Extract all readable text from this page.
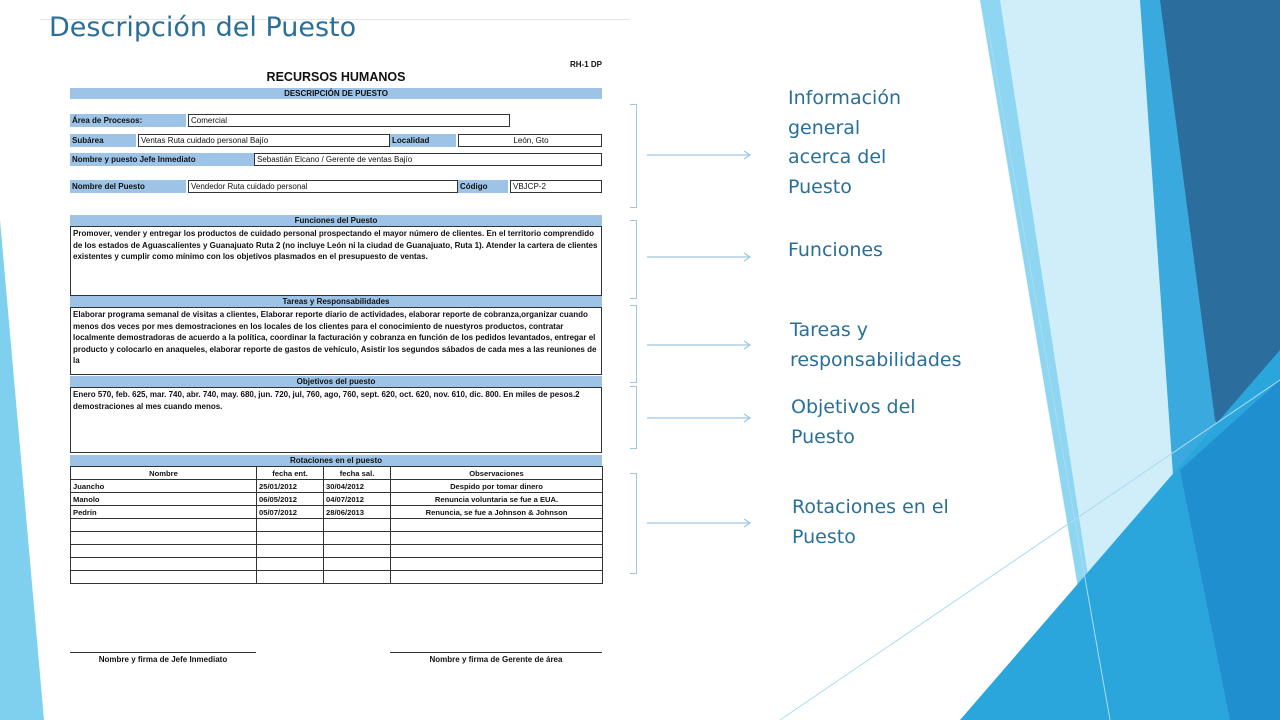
Descripción del Puesto
RH-1 DP
RECURSOS HUMANOS
DESCRIPCIÓN DE PUESTO
Área de Procesos:	Comercial
Subárea	Ventas Ruta cuidado personal Bajío	Localidad	León, Gto
Nombre y puesto Jefe Inmediato	Sebastián Elcano / Gerente de ventas Bajío
Nombre del Puesto	Vendedor Ruta cuidado personal	Código	VBJCP-2
Funciones del Puesto
Promover, vender y entregar los productos de cuidado personal prospectando el mayor número de clientes. En el territorio comprendido de los estados de Aguascalientes y Guanajuato Ruta 2 (no incluye León ni la ciudad de Guanajuato, Ruta 1). Atender la cartera de clientes existentes y cumplir como mínimo con los objetivos plasmados en el presupuesto de ventas.
Tareas y Responsabilidades
Elaborar programa semanal de visitas a clientes, Elaborar reporte diario de actividades, elaborar reporte de cobranza,organizar cuando menos dos veces por mes demostraciones en los locales de los clientes para el conocimiento de nuestyros productos, contratar localmente demostradoras de acuerdo a la política, coordinar la facturación y cobranza en función de los pedidos levantados, entregar el producto y colocarlo en anaqueles, elaborar reporte de gastos de vehículo, Asistir los segundos sábados de cada mes a las reuniones de la
Objetivos del puesto
Enero 570, feb. 625, mar. 740, abr. 740, may. 680, jun. 720, jul, 760, ago, 760, sept. 620, oct. 620, nov. 610, dic. 800. En miles de pesos.2 demostraciones al mes cuando menos.
Rotaciones en el puesto
Nombre	fecha ent.	fecha sal.	Observaciones
Juancho	25/01/2012	30/04/2012	Despido por tomar dinero
Manolo	06/05/2012	04/07/2012	Renuncia voluntaria se fue a EUA.
Pedrín	05/07/2012	28/06/2013	Renuncia, se fue a Johnson & Johnson

Nombre y firma de Jefe Inmediato	Nombre y firma de Gerente de área
Información
general
acerca del
Puesto
Funciones
Tareas y
responsabilidades
Objetivos del
Puesto
Rotaciones en el
Puesto
